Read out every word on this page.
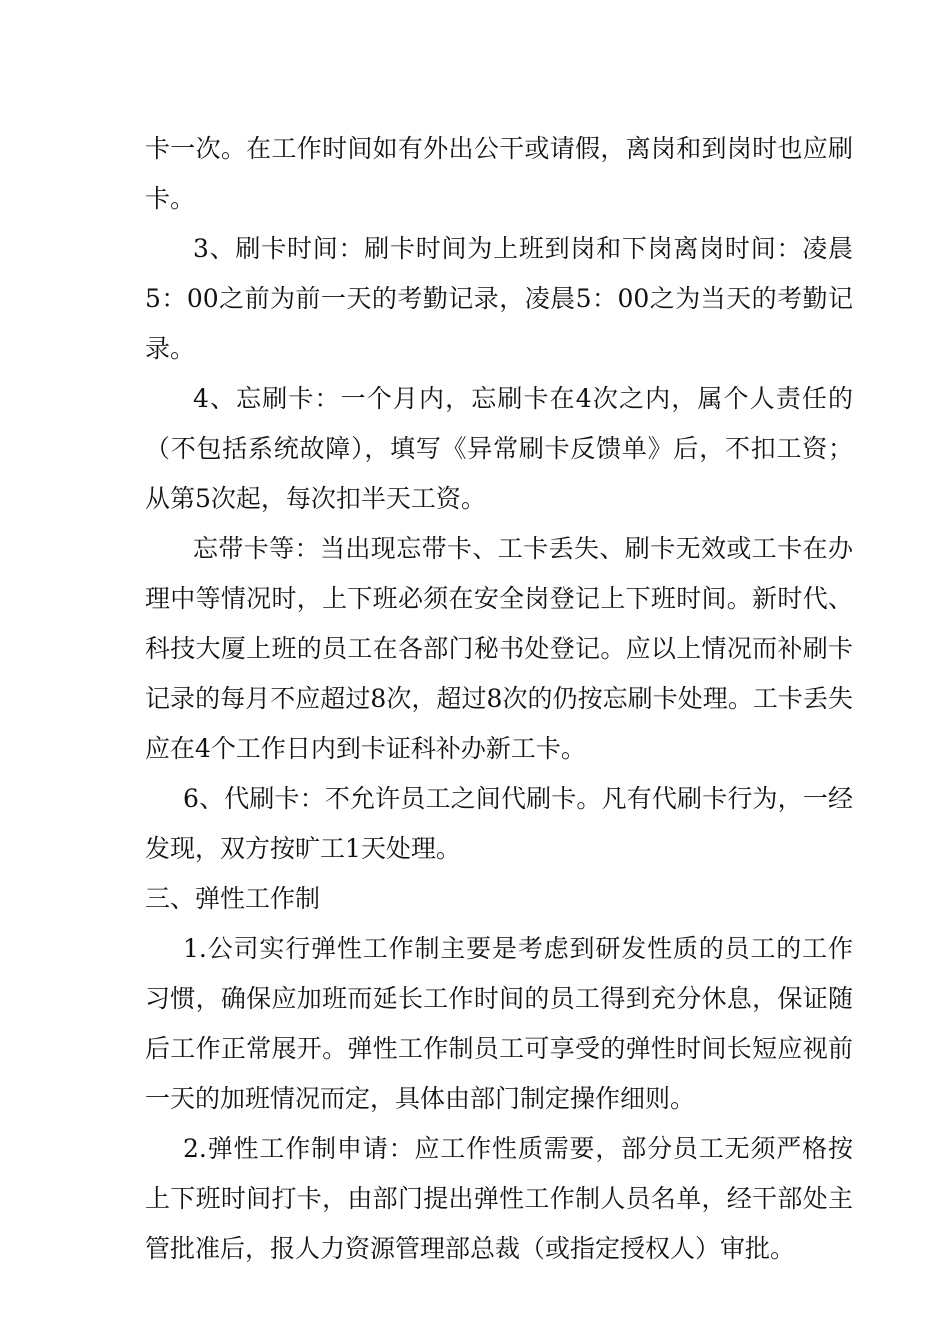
卡一次。在工作时间如有外出公干或请假，离岗和到岗时也应刷卡。

3、刷卡时间：刷卡时间为上班到岗和下岗离岗时间：凌晨5：00之前为前一天的考勤记录，凌晨5：00之为当天的考勤记录。

4、忘刷卡：一个月内，忘刷卡在4次之内，属个人责任的（不包括系统故障），填写《异常刷卡反馈单》后，不扣工资；从第5次起，每次扣半天工资。

忘带卡等：当出现忘带卡、工卡丢失、刷卡无效或工卡在办理中等情况时，上下班必须在安全岗登记上下班时间。新时代、科技大厦上班的员工在各部门秘书处登记。应以上情况而补刷卡记录的每月不应超过8次，超过8次的仍按忘刷卡处理。工卡丢失应在4个工作日内到卡证科补办新工卡。

6、代刷卡：不允许员工之间代刷卡。凡有代刷卡行为，一经发现，双方按旷工1天处理。

三、弹性工作制

1.公司实行弹性工作制主要是考虑到研发性质的员工的工作习惯，确保应加班而延长工作时间的员工得到充分休息，保证随后工作正常展开。弹性工作制员工可享受的弹性时间长短应视前一天的加班情况而定，具体由部门制定操作细则。

2.弹性工作制申请：应工作性质需要，部分员工无须严格按上下班时间打卡，由部门提出弹性工作制人员名单，经干部处主管批准后，报人力资源管理部总裁（或指定授权人）审批。
